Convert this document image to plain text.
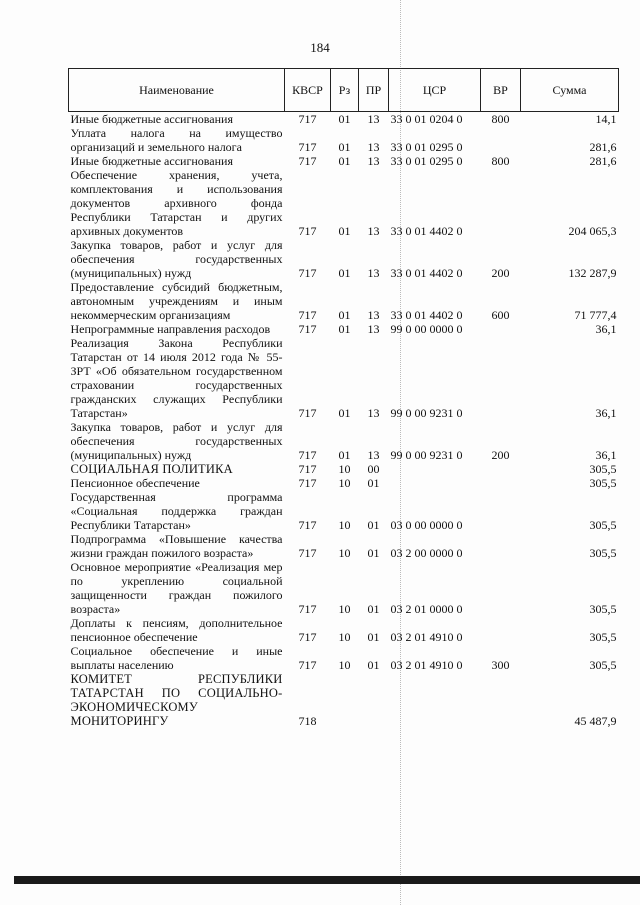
184
Наименование	КВСР	Рз	ПР	ЦСР	ВР	Сумма
Иные бюджетные ассигнования	717	01	13	33 0 01 0204 0	800	14,1
Уплата налога на имущество организаций и земельного налога	717	01	13	33 0 01 0295 0		281,6
Иные бюджетные ассигнования	717	01	13	33 0 01 0295 0	800	281,6
Обеспечение хранения, учета, комплектования и использования документов архивного фонда Республики Татарстан и других архивных документов	717	01	13	33 0 01 4402 0		204 065,3
Закупка товаров, работ и услуг для обеспечения государственных (муниципальных) нужд	717	01	13	33 0 01 4402 0	200	132 287,9
Предоставление субсидий бюджетным, автономным учреждениям и иным некоммерческим организациям	717	01	13	33 0 01 4402 0	600	71 777,4
Непрограммные направления расходов	717	01	13	99 0 00 0000 0		36,1
Реализация Закона Республики Татарстан от 14 июля 2012 года № 55-ЗРТ «Об обязательном государственном страховании государственных гражданских служащих Республики Татарстан»	717	01	13	99 0 00 9231 0		36,1
Закупка товаров, работ и услуг для обеспечения государственных (муниципальных) нужд	717	01	13	99 0 00 9231 0	200	36,1
СОЦИАЛЬНАЯ ПОЛИТИКА	717	10	00			305,5
Пенсионное обеспечение	717	10	01			305,5
Государственная программа «Социальная поддержка граждан Республики Татарстан»	717	10	01	03 0 00 0000 0		305,5
Подпрограмма «Повышение качества жизни граждан пожилого возраста»	717	10	01	03 2 00 0000 0		305,5
Основное мероприятие «Реализация мер по укреплению социальной защищенности граждан пожилого возраста»	717	10	01	03 2 01 0000 0		305,5
Доплаты к пенсиям, дополнительное пенсионное обеспечение	717	10	01	03 2 01 4910 0		305,5
Социальное обеспечение и иные выплаты населению	717	10	01	03 2 01 4910 0	300	305,5
КОМИТЕТ РЕСПУБЛИКИ ТАТАРСТАН ПО СОЦИАЛЬНО-ЭКОНОМИЧЕСКОМУ МОНИТОРИНГУ	718					45 487,9
